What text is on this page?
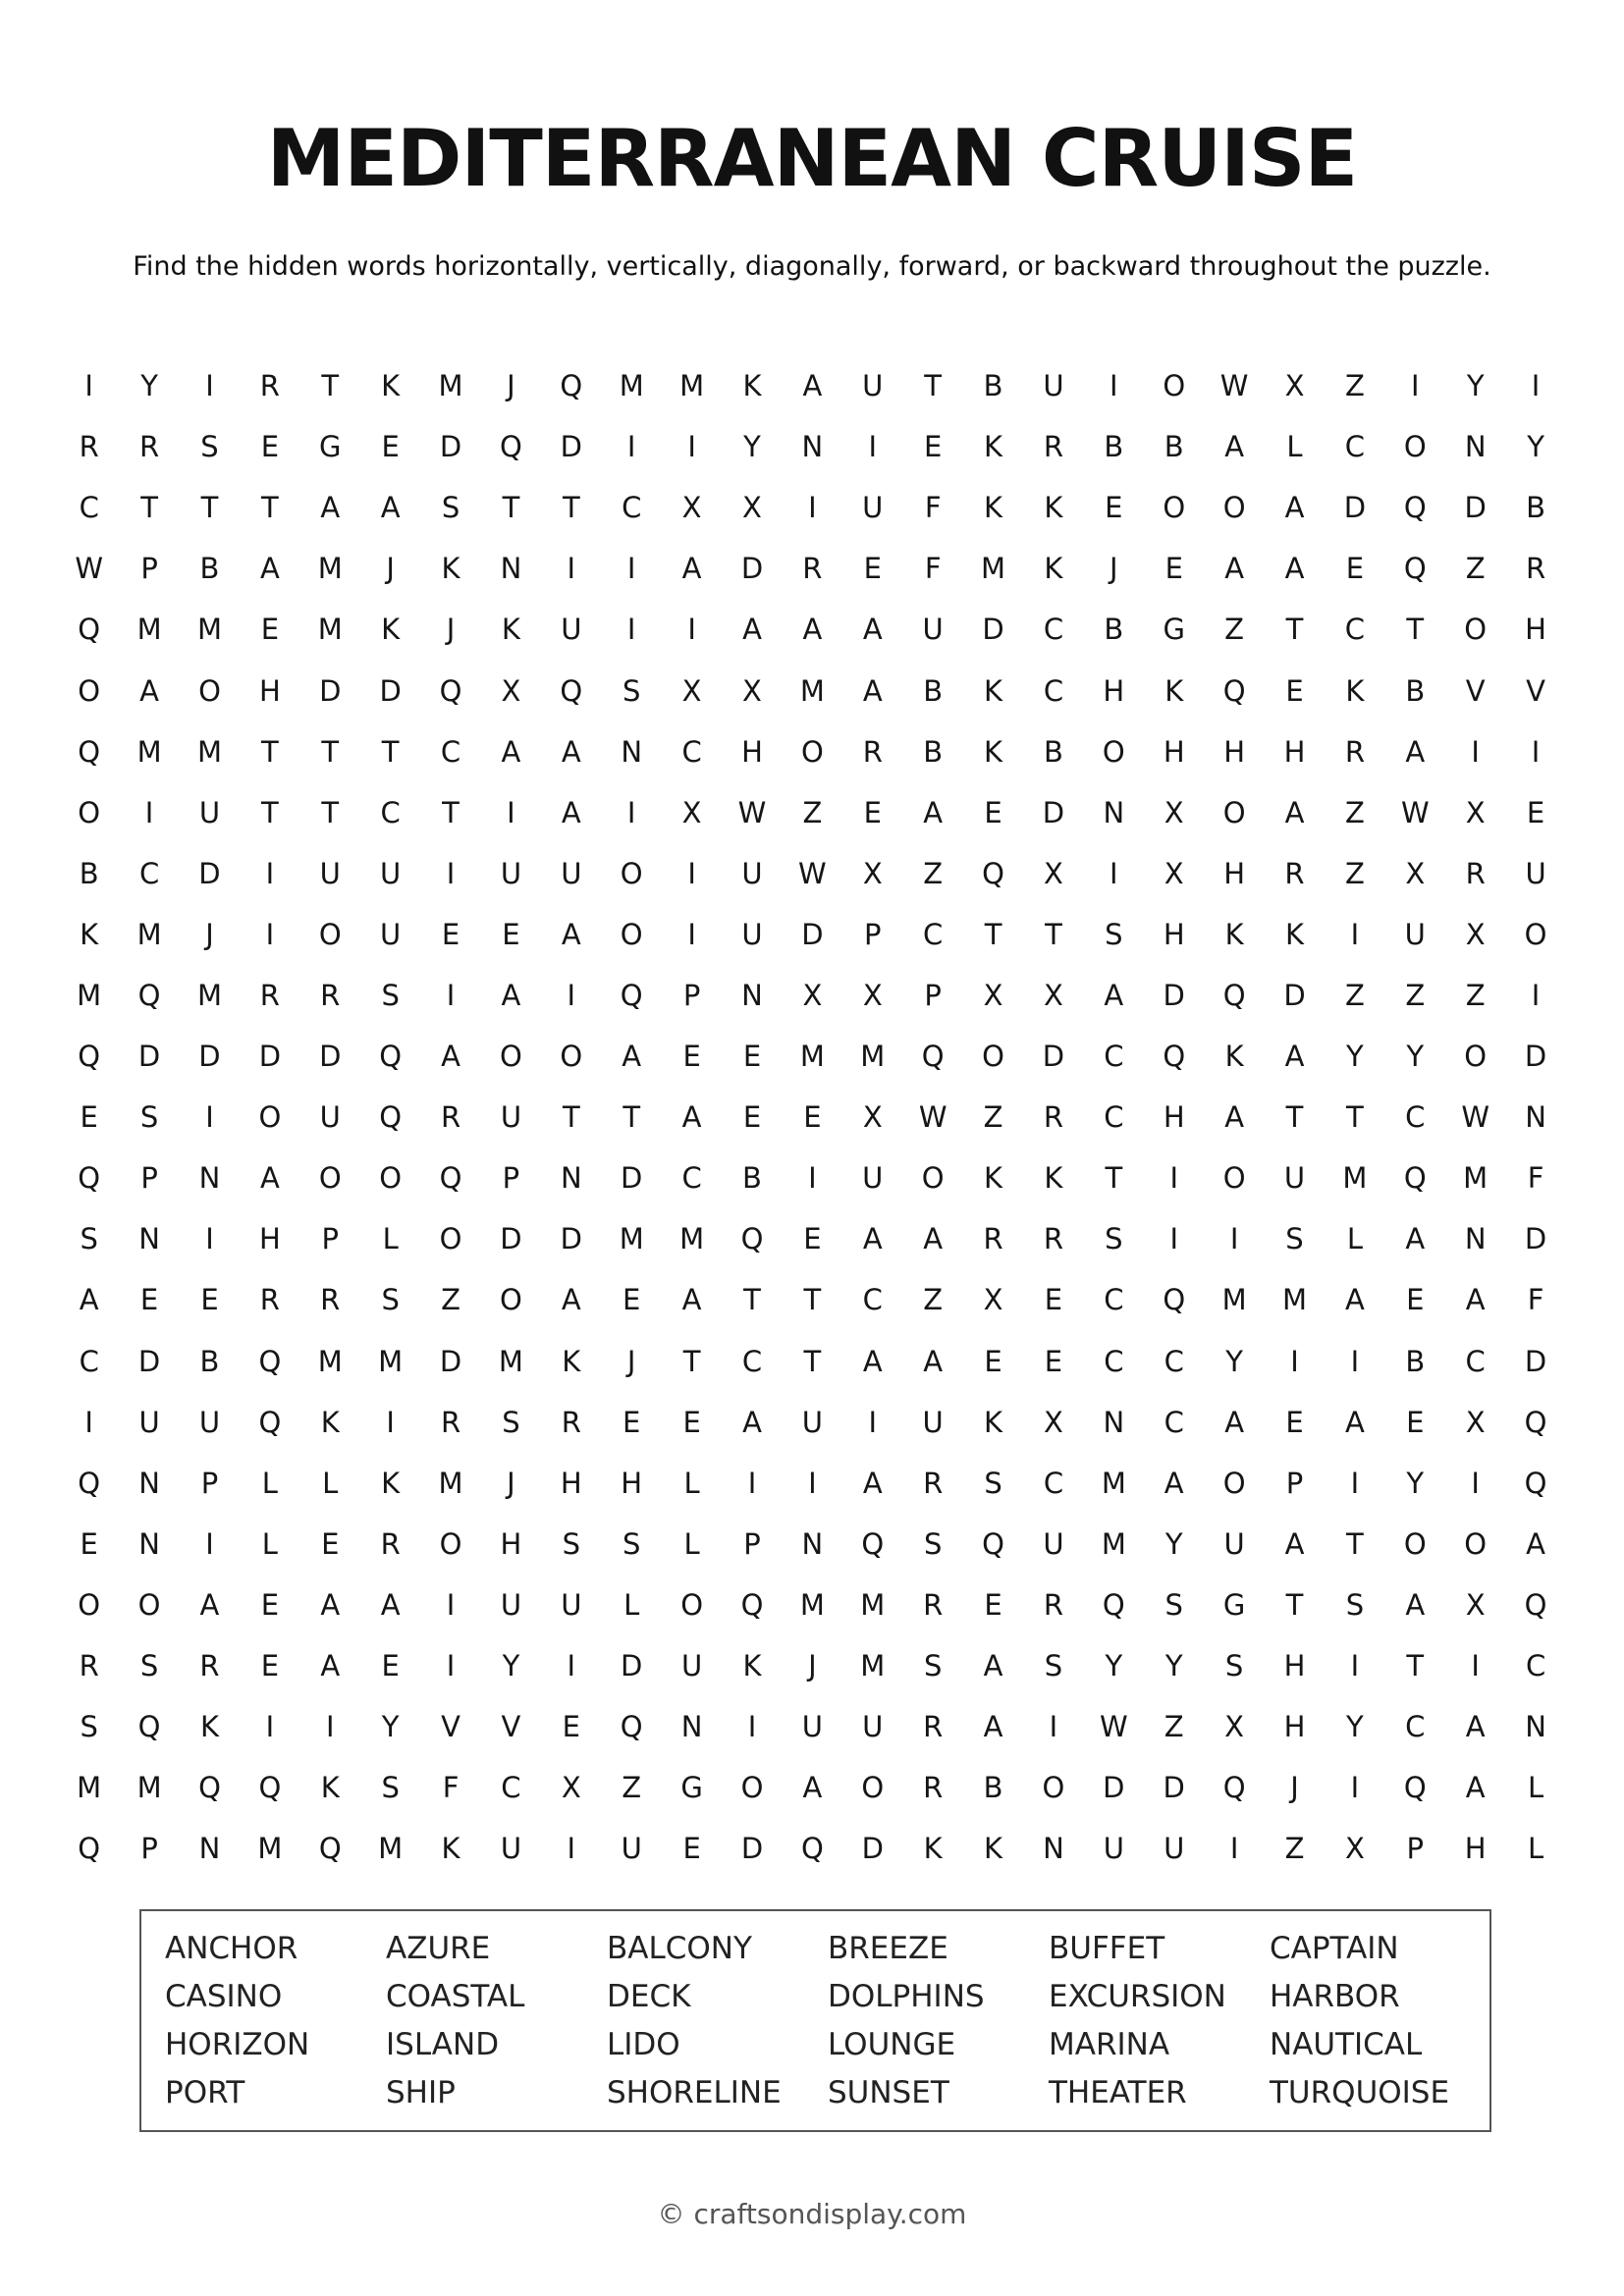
MEDITERRANEAN CRUISE

Find the hidden words horizontally, vertically, diagonally, forward, or backward throughout the puzzle.

I	Y	I	R	T	K	M	J	Q	M	M	K	A	U	T	B	U	I	O	W	X	Z	I	Y	I
R	R	S	E	G	E	D	Q	D	I	I	Y	N	I	E	K	R	B	B	A	L	C	O	N	Y
C	T	T	T	A	A	S	T	T	C	X	X	I	U	F	K	K	E	O	O	A	D	Q	D	B
W	P	B	A	M	J	K	N	I	I	A	D	R	E	F	M	K	J	E	A	A	E	Q	Z	R
Q	M	M	E	M	K	J	K	U	I	I	A	A	A	U	D	C	B	G	Z	T	C	T	O	H
O	A	O	H	D	D	Q	X	Q	S	X	X	M	A	B	K	C	H	K	Q	E	K	B	V	V
Q	M	M	T	T	T	C	A	A	N	C	H	O	R	B	K	B	O	H	H	H	R	A	I	I
O	I	U	T	T	C	T	I	A	I	X	W	Z	E	A	E	D	N	X	O	A	Z	W	X	E
B	C	D	I	U	U	I	U	U	O	I	U	W	X	Z	Q	X	I	X	H	R	Z	X	R	U
K	M	J	I	O	U	E	E	A	O	I	U	D	P	C	T	T	S	H	K	K	I	U	X	O
M	Q	M	R	R	S	I	A	I	Q	P	N	X	X	P	X	X	A	D	Q	D	Z	Z	Z	I
Q	D	D	D	D	Q	A	O	O	A	E	E	M	M	Q	O	D	C	Q	K	A	Y	Y	O	D
E	S	I	O	U	Q	R	U	T	T	A	E	E	X	W	Z	R	C	H	A	T	T	C	W	N
Q	P	N	A	O	O	Q	P	N	D	C	B	I	U	O	K	K	T	I	O	U	M	Q	M	F
S	N	I	H	P	L	O	D	D	M	M	Q	E	A	A	R	R	S	I	I	S	L	A	N	D
A	E	E	R	R	S	Z	O	A	E	A	T	T	C	Z	X	E	C	Q	M	M	A	E	A	F
C	D	B	Q	M	M	D	M	K	J	T	C	T	A	A	E	E	C	C	Y	I	I	B	C	D
I	U	U	Q	K	I	R	S	R	E	E	A	U	I	U	K	X	N	C	A	E	A	E	X	Q
Q	N	P	L	L	K	M	J	H	H	L	I	I	A	R	S	C	M	A	O	P	I	Y	I	Q
E	N	I	L	E	R	O	H	S	S	L	P	N	Q	S	Q	U	M	Y	U	A	T	O	O	A
O	O	A	E	A	A	I	U	U	L	O	Q	M	M	R	E	R	Q	S	G	T	S	A	X	Q
R	S	R	E	A	E	I	Y	I	D	U	K	J	M	S	A	S	Y	Y	S	H	I	T	I	C
S	Q	K	I	I	Y	V	V	E	Q	N	I	U	U	R	A	I	W	Z	X	H	Y	C	A	N
M	M	Q	Q	K	S	F	C	X	Z	G	O	A	O	R	B	O	D	D	Q	J	I	Q	A	L
Q	P	N	M	Q	M	K	U	I	U	E	D	Q	D	K	K	N	U	U	I	Z	X	P	H	L
ANCHOR	AZURE	BALCONY	BREEZE	BUFFET	CAPTAIN
CASINO	COASTAL	DECK	DOLPHINS	EXCURSION	HARBOR
HORIZON	ISLAND	LIDO	LOUNGE	MARINA	NAUTICAL
PORT	SHIP	SHORELINE	SUNSET	THEATER	TURQUOISE
© craftsondisplay.com
